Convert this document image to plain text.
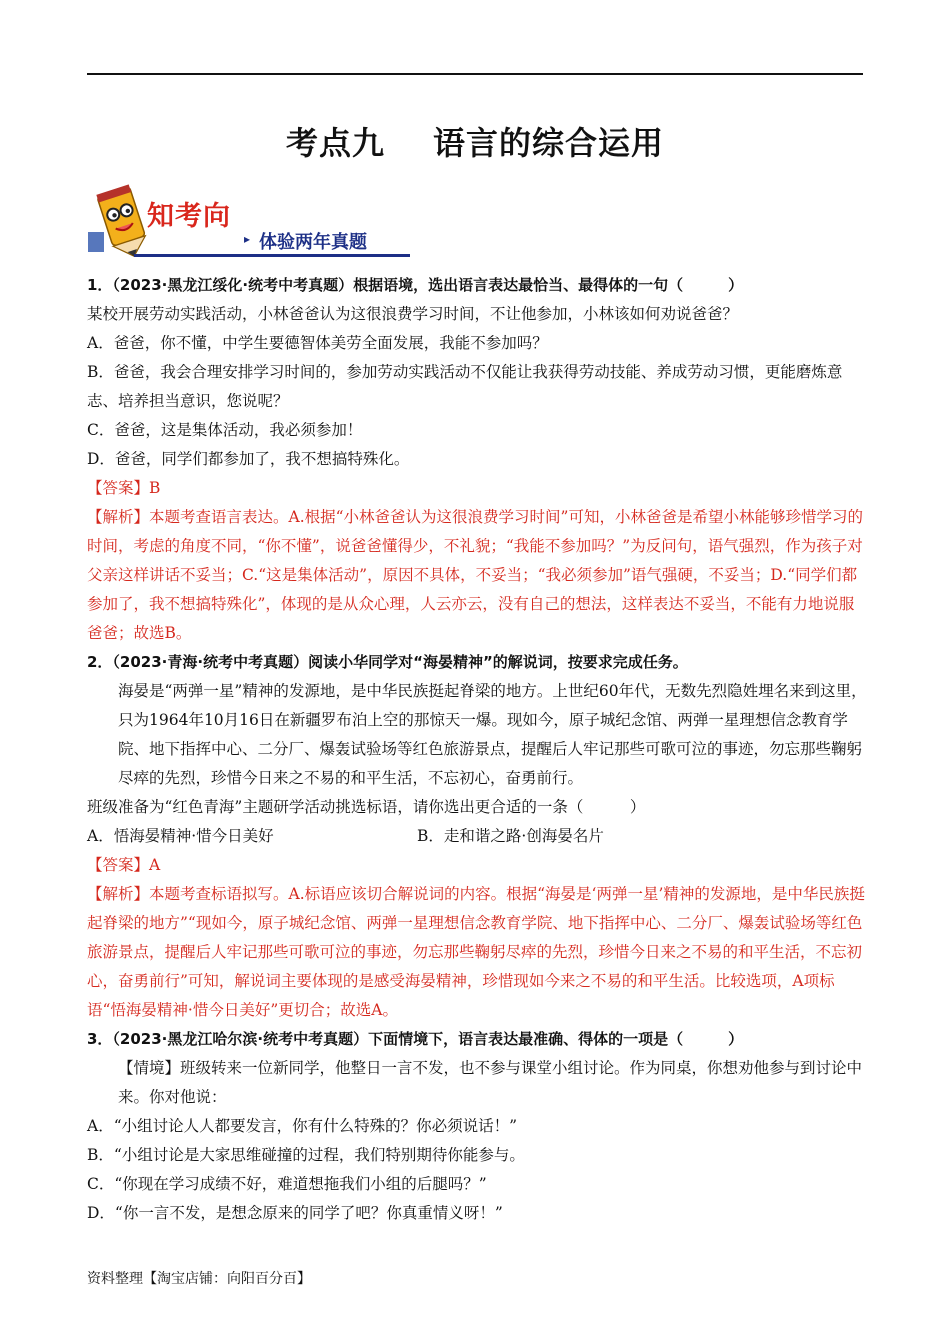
考点九 语言的综合运用
知考向
▸ 体验两年真题
1．（2023·黑龙江绥化·统考中考真题）根据语境，选出语言表达最恰当、最得体的一句（　　　）
某校开展劳动实践活动，小林爸爸认为这很浪费学习时间，不让他参加，小林该如何劝说爸爸？
A．爸爸，你不懂，中学生要德智体美劳全面发展，我能不参加吗？
B．爸爸，我会合理安排学习时间的，参加劳动实践活动不仅能让我获得劳动技能、养成劳动习惯，更能磨炼意志、培养担当意识，您说呢？
C．爸爸，这是集体活动，我必须参加！
D．爸爸，同学们都参加了，我不想搞特殊化。
【答案】B
【解析】本题考查语言表达。A.根据“小林爸爸认为这很浪费学习时间”可知，小林爸爸是希望小林能够珍惜学习的时间，考虑的角度不同，“你不懂”，说爸爸懂得少，不礼貌；“我能不参加吗？”为反问句，语气强烈，作为孩子对父亲这样讲话不妥当；C.“这是集体活动”，原因不具体，不妥当；“我必须参加”语气强硬，不妥当；D.“同学们都参加了，我不想搞特殊化”，体现的是从众心理，人云亦云，没有自己的想法，这样表达不妥当，不能有力地说服爸爸；故选B。
2．（2023·青海·统考中考真题）阅读小华同学对“海晏精神”的解说词，按要求完成任务。
海晏是“两弹一星”精神的发源地，是中华民族挺起脊梁的地方。上世纪60年代，无数先烈隐姓埋名来到这里，只为1964年10月16日在新疆罗布泊上空的那惊天一爆。现如今，原子城纪念馆、两弹一星理想信念教育学院、地下指挥中心、二分厂、爆轰试验场等红色旅游景点，提醒后人牢记那些可歌可泣的事迹，勿忘那些鞠躬尽瘁的先烈，珍惜今日来之不易的和平生活，不忘初心，奋勇前行。
班级准备为“红色青海”主题研学活动挑选标语，请你选出更合适的一条（　　　）
A．悟海晏精神·惜今日美好	B．走和谐之路·创海晏名片
【答案】A
【解析】本题考查标语拟写。A.标语应该切合解说词的内容。根据“海晏是‘两弹一星’精神的发源地，是中华民族挺起脊梁的地方”“现如今，原子城纪念馆、两弹一星理想信念教育学院、地下指挥中心、二分厂、爆轰试验场等红色旅游景点，提醒后人牢记那些可歌可泣的事迹，勿忘那些鞠躬尽瘁的先烈，珍惜今日来之不易的和平生活，不忘初心，奋勇前行”可知，解说词主要体现的是感受海晏精神，珍惜现如今来之不易的和平生活。比较选项，A项标语“悟海晏精神·惜今日美好”更切合；故选A。
3．（2023·黑龙江哈尔滨·统考中考真题）下面情境下，语言表达最准确、得体的一项是（　　　）
【情境】班级转来一位新同学，他整日一言不发，也不参与课堂小组讨论。作为同桌，你想劝他参与到讨论中来。你对他说：
A．“小组讨论人人都要发言，你有什么特殊的？你必须说话！”
B．“小组讨论是大家思维碰撞的过程，我们特别期待你能参与。
C．“你现在学习成绩不好，难道想拖我们小组的后腿吗？”
D．“你一言不发，是想念原来的同学了吧？你真重情义呀！”
资料整理【淘宝店铺：向阳百分百】
